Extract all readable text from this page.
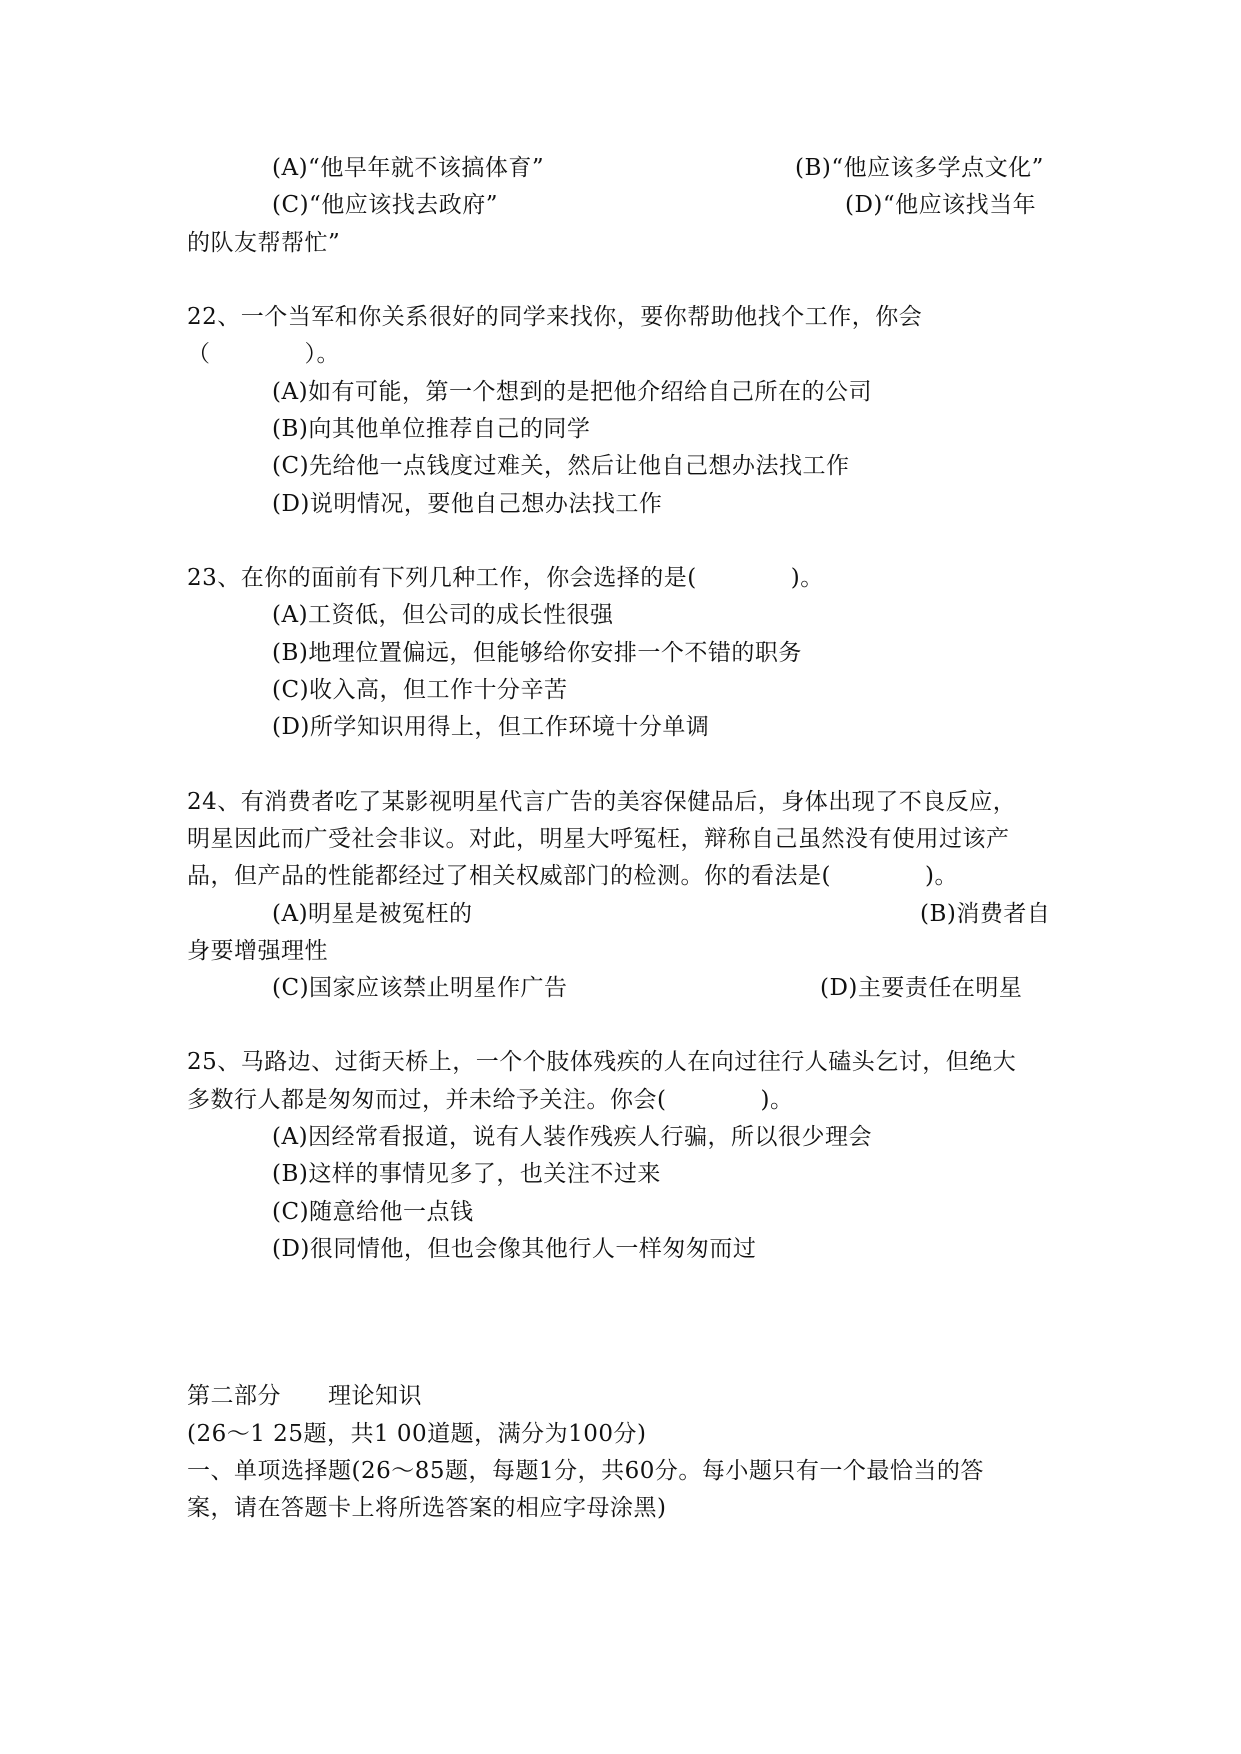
(A)“他早年就不该搞体育”	(B)“他应该多学点文化”
(C)“他应该找去政府”	(D)“他应该找当年
的队友帮帮忙”
22、一个当军和你关系很好的同学来找你，要你帮助他找个工作，你会
（　　　　）。
(A)如有可能，第一个想到的是把他介绍给自己所在的公司
(B)向其他单位推荐自己的同学
(C)先给他一点钱度过难关，然后让他自己想办法找工作
(D)说明情况，要他自己想办法找工作
23、在你的面前有下列几种工作，你会选择的是(　　　　)。
(A)工资低，但公司的成长性很强
(B)地理位置偏远，但能够给你安排一个不错的职务
(C)收入高，但工作十分辛苦
(D)所学知识用得上，但工作环境十分单调
24、有消费者吃了某影视明星代言广告的美容保健品后，身体出现了不良反应，
明星因此而广受社会非议。对此，明星大呼冤枉，辩称自己虽然没有使用过该产
品，但产品的性能都经过了相关权威部门的检测。你的看法是(　　　　)。
(A)明星是被冤枉的	(B)消费者自
身要增强理性
(C)国家应该禁止明星作广告	(D)主要责任在明星
25、马路边、过街天桥上，一个个肢体残疾的人在向过往行人磕头乞讨，但绝大
多数行人都是匆匆而过，并未给予关注。你会(　　　　)。
(A)因经常看报道，说有人装作残疾人行骗，所以很少理会
(B)这样的事情见多了，也关注不过来
(C)随意给他一点钱
(D)很同情他，但也会像其他行人一样匆匆而过
第二部分　　理论知识
(26～1 25题，共1 00道题，满分为100分)
一、单项选择题(26～85题，每题1分，共60分。每小题只有一个最恰当的答
案，请在答题卡上将所选答案的相应字母涂黑)
